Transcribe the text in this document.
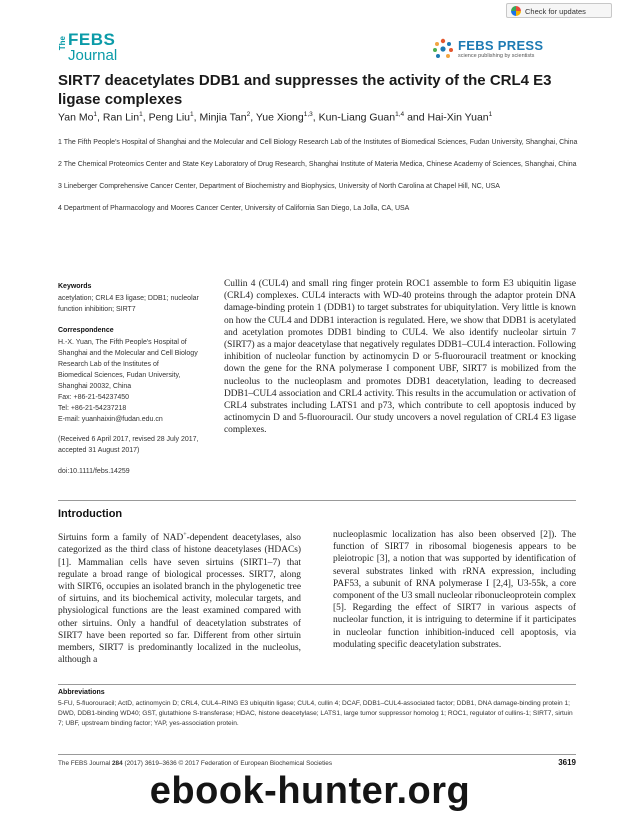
Check for updates
The FEBS
Journal
FEBS PRESS
science publishing by scientists
SIRT7 deacetylates DDB1 and suppresses the activity of the CRL4 E3 ligase complexes
Yan Mo$^1$, Ran Lin$^1$, Peng Liu$^1$, Minjia Tan$^2$, Yue Xiong$^{1,3}$, Kun-Liang Guan$^{1,4}$ and Hai-Xin Yuan$^1$
1 The Fifth People's Hospital of Shanghai and the Molecular and Cell Biology Research Lab of the Institutes of Biomedical Sciences, Fudan University, Shanghai, China
2 The Chemical Proteomics Center and State Key Laboratory of Drug Research, Shanghai Institute of Materia Medica, Chinese Academy of Sciences, Shanghai, China
3 Lineberger Comprehensive Cancer Center, Department of Biochemistry and Biophysics, University of North Carolina at Chapel Hill, NC, USA
4 Department of Pharmacology and Moores Cancer Center, University of California San Diego, La Jolla, CA, USA
Keywords
acetylation; CRL4 E3 ligase; DDB1; nucleolar function inhibition; SIRT7
Correspondence
H.-X. Yuan, The Fifth People's Hospital of
Shanghai and the Molecular and Cell Biology
Research Lab of the Institutes of
Biomedical Sciences, Fudan University,
Shanghai 20032, China
Fax: +86-21-54237450
Tel: +86-21-54237218
E-mail: yuanhaixin@fudan.edu.cn
(Received 6 April 2017, revised 28 July 2017, accepted 31 August 2017)
doi:10.1111/febs.14259
Cullin 4 (CUL4) and small ring finger protein ROC1 assemble to form E3 ubiquitin ligase (CRL4) complexes. CUL4 interacts with WD-40 proteins through the adaptor protein DNA damage-binding protein 1 (DDB1) to target substrates for ubiquitylation. Very little is known on how the CUL4 and DDB1 interaction is regulated. Here, we show that DDB1 is acetylated and acetylation promotes DDB1 binding to CUL4. We also identify nucleolar sirtuin 7 (SIRT7) as a major deacetylase that negatively regulates DDB1–CUL4 interaction. Following inhibition of nucleolar function by actinomycin D or 5-fluorouracil treatment or knocking down the gene for the RNA polymerase I component UBF, SIRT7 is mobilized from the nucleolus to the nucleoplasm and promotes DDB1 deacetylation, leading to decreased DDB1–CUL4 association and CRL4 activity. This results in the accumulation or activation of CRL4 substrates including LATS1 and p73, which contribute to cell apoptosis induced by actinomycin D and 5-fluorouracil. Our study uncovers a novel regulation of CRL4 E3 ligase complexes.
Introduction
Sirtuins form a family of NAD+-dependent deacetylases, also categorized as the third class of histone deacetylases (HDACs) [1]. Mammalian cells have seven sirtuins (SIRT1–7) that regulate a broad range of biological processes. SIRT7, along with SIRT6, occupies an isolated branch in the phylogenetic tree of sirtuins, and its biochemical activity, molecular targets, and physiological functions are the least examined compared with other sirtuins. Only a handful of deacetylation substrates of SIRT7 have been reported so far. Different from other sirtuin members, SIRT7 is predominantly localized in the nucleolus, although a
nucleoplasmic localization has also been observed [2]). The function of SIRT7 in ribosomal biogenesis appears to be pleiotropic [3], a notion that was supported by identification of several substrates linked with rRNA expression, including PAF53, a subunit of RNA polymerase I [2,4], U3-55k, a core component of the U3 small nucleolar ribonucleoprotein complex [5]. Regarding the effect of SIRT7 in various aspects of nucleolar function, it is intriguing to determine if it participates in nucleolar function inhibition-induced cell apoptosis, via modulating specific deacetylation substrates.
Abbreviations
5-FU, 5-fluorouracil; ActD, actinomycin D; CRL4, CUL4–RING E3 ubiquitin ligase; CUL4, cullin 4; DCAF, DDB1–CUL4-associated factor; DDB1, DNA damage-binding protein 1; DWD, DDB1-binding WD40; GST, glutathione S-transferase; HDAC, histone deacetylase; LATS1, large tumor suppressor homolog 1; ROC1, regulator of cullins-1; SIRT7, sirtuin 7; UBF, upstream binding factor; YAP, yes-association protein.
The FEBS Journal 284 (2017) 3619–3636 © 2017 Federation of European Biochemical Societies	3619
ebook-hunter.org
